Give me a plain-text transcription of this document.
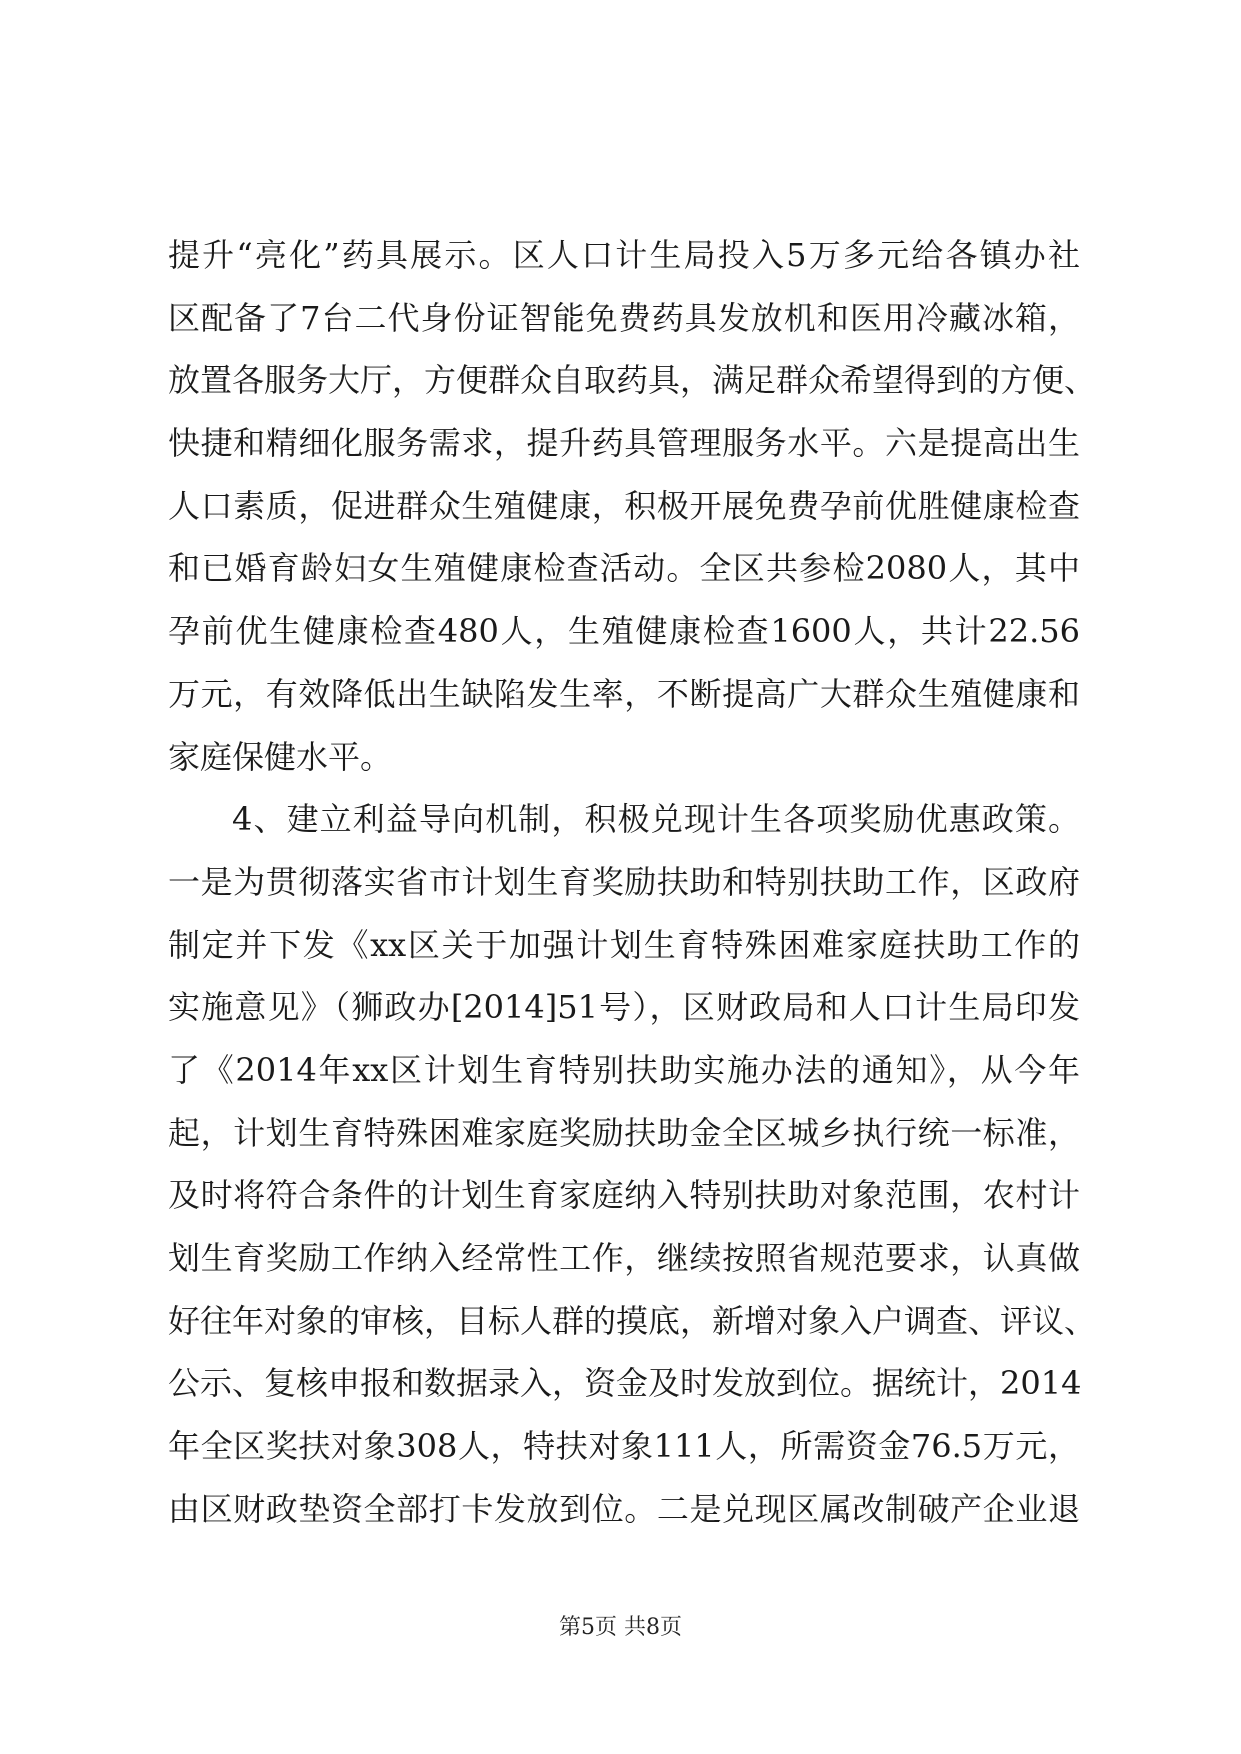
提升“亮化”药具展示。区人口计生局投入5万多元给各镇办社
区配备了7台二代身份证智能免费药具发放机和医用冷藏冰箱，
放置各服务大厅，方便群众自取药具，满足群众希望得到的方便、
快捷和精细化服务需求，提升药具管理服务水平。六是提高出生
人口素质，促进群众生殖健康，积极开展免费孕前优胜健康检查
和已婚育龄妇女生殖健康检查活动。全区共参检2080人，其中
孕前优生健康检查480人，生殖健康检查1600人，共计22.56
万元，有效降低出生缺陷发生率，不断提高广大群众生殖健康和
家庭保健水平。
4、建立利益导向机制，积极兑现计生各项奖励优惠政策。
一是为贯彻落实省市计划生育奖励扶助和特别扶助工作，区政府
制定并下发《xx区关于加强计划生育特殊困难家庭扶助工作的
实施意见》（狮政办[2014]51号），区财政局和人口计生局印发
了《2014年xx区计划生育特别扶助实施办法的通知》，从今年
起，计划生育特殊困难家庭奖励扶助金全区城乡执行统一标准，
及时将符合条件的计划生育家庭纳入特别扶助对象范围，农村计
划生育奖励工作纳入经常性工作，继续按照省规范要求，认真做
好往年对象的审核，目标人群的摸底，新增对象入户调查、评议、
公示、复核申报和数据录入，资金及时发放到位。据统计，2014
年全区奖扶对象308人，特扶对象111人，所需资金76.5万元，
由区财政垫资全部打卡发放到位。二是兑现区属改制破产企业退
第5页 共8页
